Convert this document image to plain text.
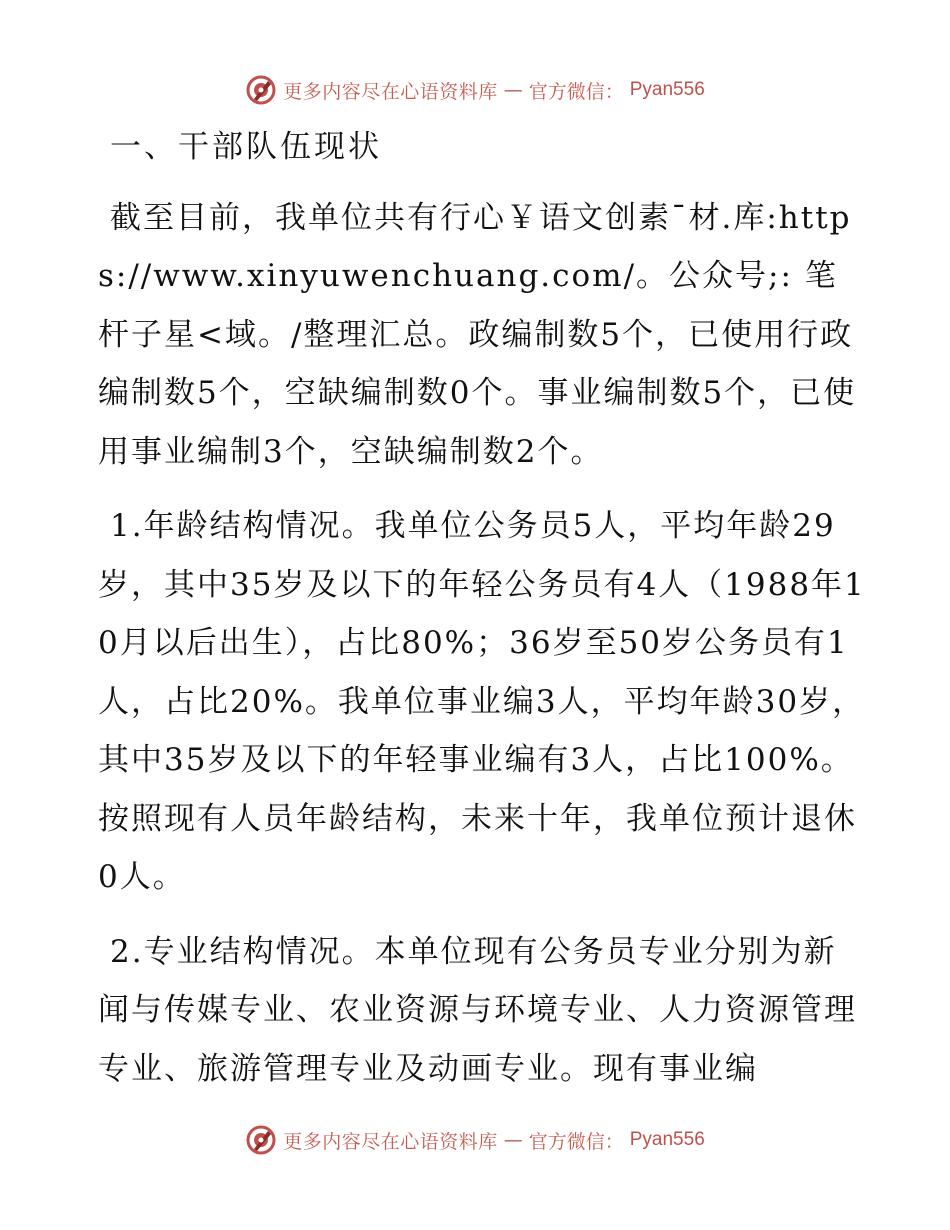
更多内容尽在心语资料库 — 官方微信： Pyan556
一、干部队伍现状

截至目前，我单位共有行心￥语文创素¯材.库:https://www.xinyuwenchuang.com/。公众号;: 笔杆子星<域。/整理汇总。政编制数5个，已使用行政编制数5个，空缺编制数0个。事业编制数5个，已使用事业编制3个，空缺编制数2个。

1.年龄结构情况。我单位公务员5人，平均年龄29岁，其中35岁及以下的年轻公务员有4人（1988年10月以后出生），占比80%；36岁至50岁公务员有1人，占比20%。我单位事业编3人，平均年龄30岁，其中35岁及以下的年轻事业编有3人，占比100%。按照现有人员年龄结构，未来十年，我单位预计退休0人。

2.专业结构情况。本单位现有公务员专业分别为新闻与传媒专业、农业资源与环境专业、人力资源管理专业、旅游管理专业及动画专业。现有事业编

更多内容尽在心语资料库 — 官方微信： Pyan556
